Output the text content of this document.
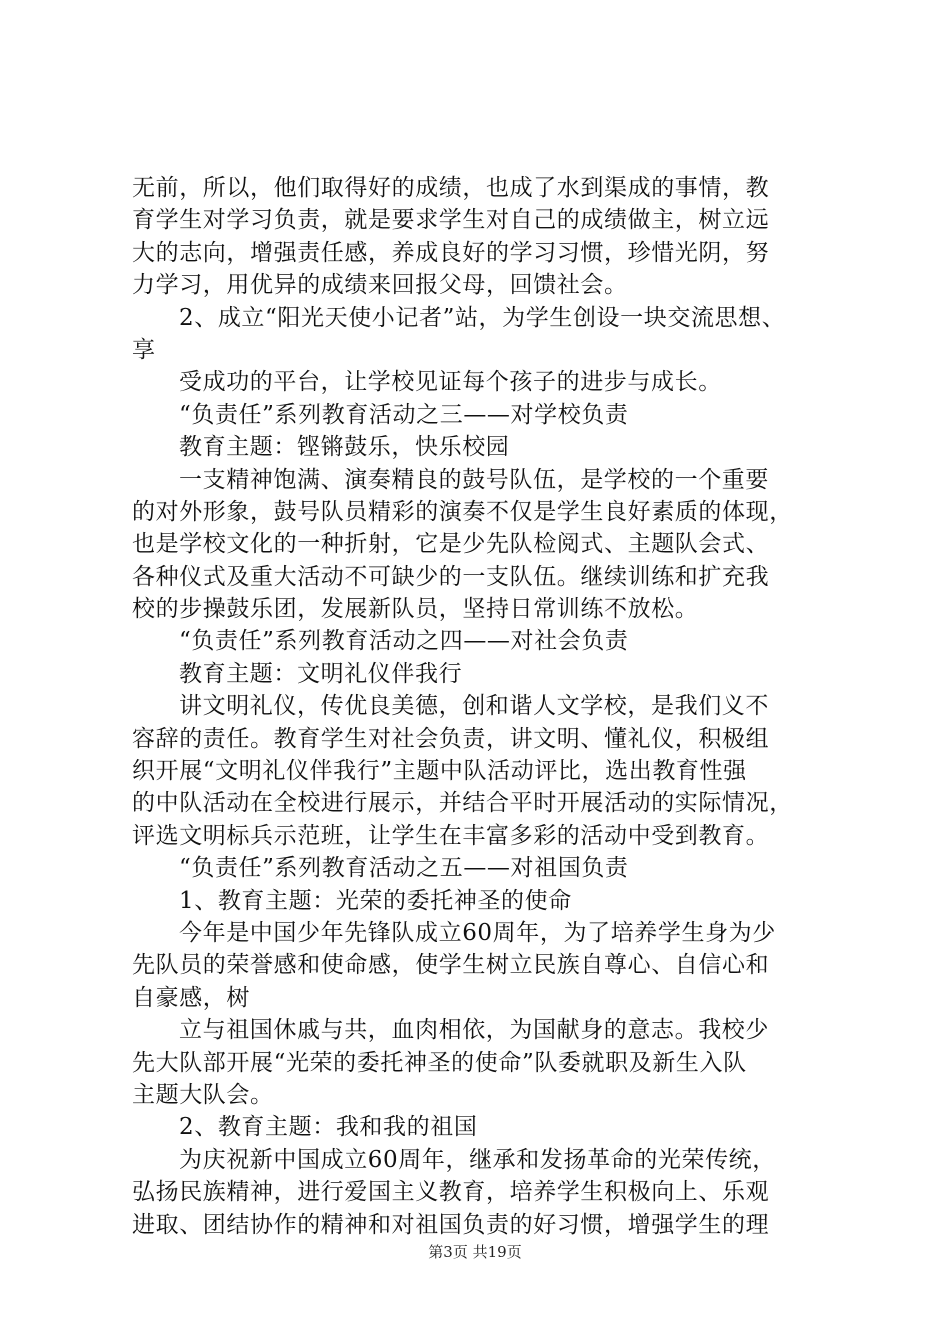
无前，所以，他们取得好的成绩，也成了水到渠成的事情，教
育学生对学习负责，就是要求学生对自己的成绩做主，树立远
大的志向，增强责任感，养成良好的学习习惯，珍惜光阴，努
力学习，用优异的成绩来回报父母，回馈社会。
2、成立“阳光天使小记者”站，为学生创设一块交流思想、
享
受成功的平台，让学校见证每个孩子的进步与成长。
“负责任”系列教育活动之三——对学校负责
教育主题：铿锵鼓乐，快乐校园
一支精神饱满、演奏精良的鼓号队伍，是学校的一个重要
的对外形象，鼓号队员精彩的演奏不仅是学生良好素质的体现，
也是学校文化的一种折射，它是少先队检阅式、主题队会式、
各种仪式及重大活动不可缺少的一支队伍。继续训练和扩充我
校的步操鼓乐团，发展新队员，坚持日常训练不放松。
“负责任”系列教育活动之四——对社会负责
教育主题：文明礼仪伴我行
讲文明礼仪，传优良美德，创和谐人文学校，是我们义不
容辞的责任。教育学生对社会负责，讲文明、懂礼仪，积极组
织开展“文明礼仪伴我行”主题中队活动评比，选出教育性强
的中队活动在全校进行展示，并结合平时开展活动的实际情况，
评选文明标兵示范班，让学生在丰富多彩的活动中受到教育。
“负责任”系列教育活动之五——对祖国负责
1、教育主题：光荣的委托神圣的使命
今年是中国少年先锋队成立60周年，为了培养学生身为少
先队员的荣誉感和使命感，使学生树立民族自尊心、自信心和
自豪感，树
立与祖国休戚与共，血肉相依，为国献身的意志。我校少
先大队部开展“光荣的委托神圣的使命”队委就职及新生入队
主题大队会。
2、教育主题：我和我的祖国
为庆祝新中国成立60周年，继承和发扬革命的光荣传统，
弘扬民族精神，进行爱国主义教育，培养学生积极向上、乐观
进取、团结协作的精神和对祖国负责的好习惯，增强学生的理
第3页 共19页
